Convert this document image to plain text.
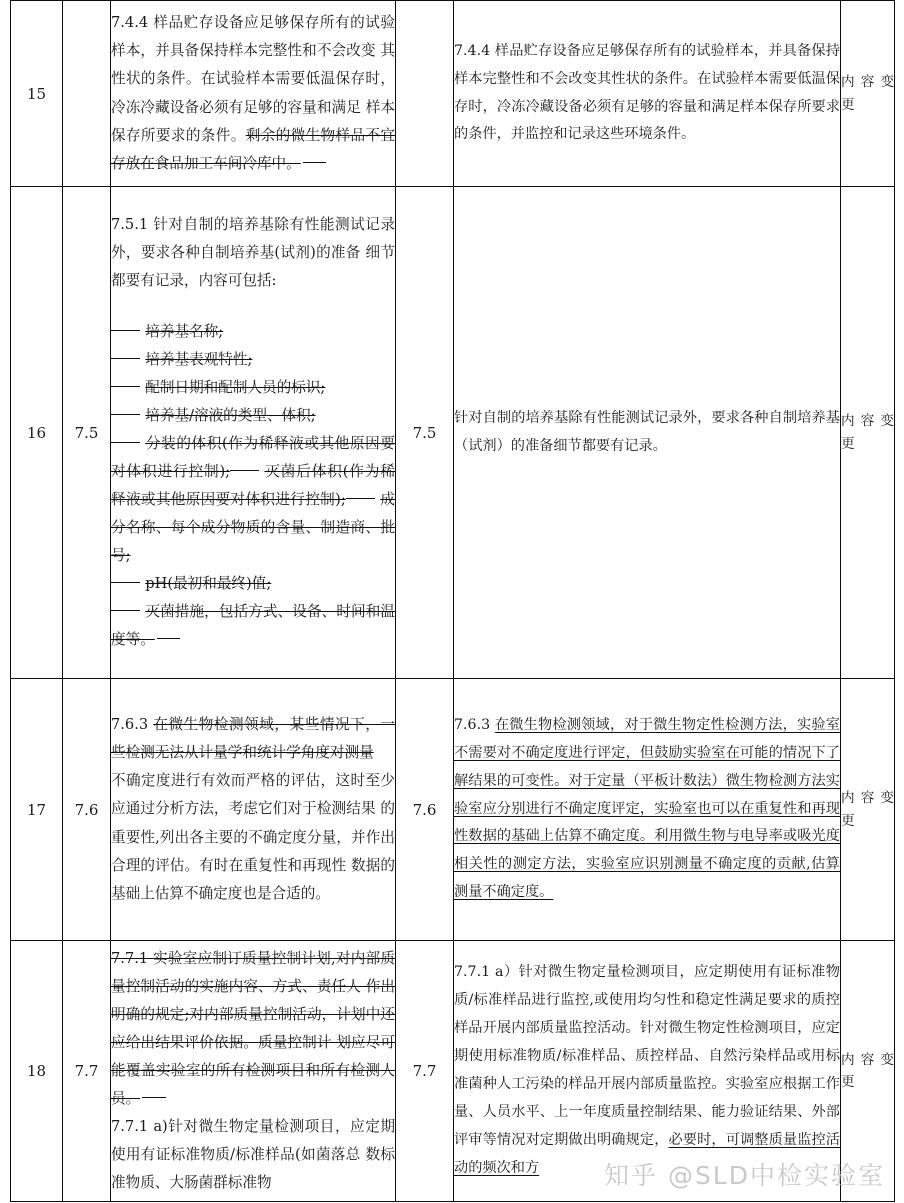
15		7.4.4 样品贮存设备应足够保存所有的试验样本，并具备保持样本完整性和不会改变 其性状的条件。在试验样本需要低温保存时，冷冻冷藏设备必须有足够的容量和满足 样本保存所要求的条件。剩余的微生物样品不宜存放在食品加工车间冷库中。		7.4.4 样品贮存设备应足够保存所有的试验样本，并具备保持样本完整性和不会改变其性状的条件。在试验样本需要低温保存时，冷冻冷藏设备必须有足够的容量和满足样本保存所要求的条件，并监控和记录这些环境条件。	内容变更
16	7.5	

7.5.1 针对自制的培养基除有性能测试记录外，要求各种自制培养基(试剂)的准备 细节都要有记录，内容可包括:

培养基名称;
培养基表观特性;
配制日期和配制人员的标识;
培养基/溶液的类型、体积;
分装的体积(作为稀释液或其他原因要对体积进行控制); 灭菌后体积(作为稀释液或其他原因要对体积进行控制); 成分名称、每个成分物质的含量、制造商、批号;
pH(最初和最终)值;
灭菌措施，包括方式、设备、时间和温度等。
	7.5	

针对自制的培养基除有性能测试记录外，要求各种自制培养基（试剂）的准备细节都要有记录。

	内容变更
17	7.6	7.6.3 在微生物检测领域，某些情况下，一些检测无法从计量学和统计学角度对测量

不确定度进行有效而严格的评估，这时至少应通过分析方法，考虑它们对于检测结果 的重要性,列出各主要的不确定度分量，并作出合理的评估。有时在重复性和再现性 数据的基础上估算不确定度也是合适的。	7.6	7.6.3 在微生物检测领域，对于微生物定性检测方法，实验室不需要对不确定度进行评定，但鼓励实验室在可能的情况下了解结果的可变性。对于定量（平板计数法）微生物检测方法实验室应分别进行不确定度评定，实验室也可以在重复性和再现性数据的基础上估算不确定度。利用微生物与电导率或吸光度相关性的测定方法，实验室应识别测量不确定度的贡献,估算测量不确定度。	内容变更
18	7.7	7.7.1 实验室应制订质量控制计划,对内部质量控制活动的实施内容、方式、责任人 作出明确的规定;对内部质量控制活动，计划中还应给出结果评价依据。质量控制计 划应尽可能覆盖实验室的所有检测项目和所有检测人员。

7.7.1 a)针对微生物定量检测项目，应定期使用有证标准物质/标准样品(如菌落总 数标准物质、大肠菌群标准物	7.7	7.7.1 a）针对微生物定量检测项目，应定期使用有证标准物质/标准样品进行监控,或使用均匀性和稳定性满足要求的质控样品开展内部质量监控活动。针对微生物定性检测项目，应定期使用标准物质/标准样品、质控样品、自然污染样品或用标准菌种人工污染的样品开展内部质量监控。实验室应根据工作量、人员水平、上一年度质量控制结果、能力验证结果、外部评审等情况对定期做出明确规定，必要时，可调整质量监控活动的频次和方	内容变更
知乎 @SLD中检实验室
